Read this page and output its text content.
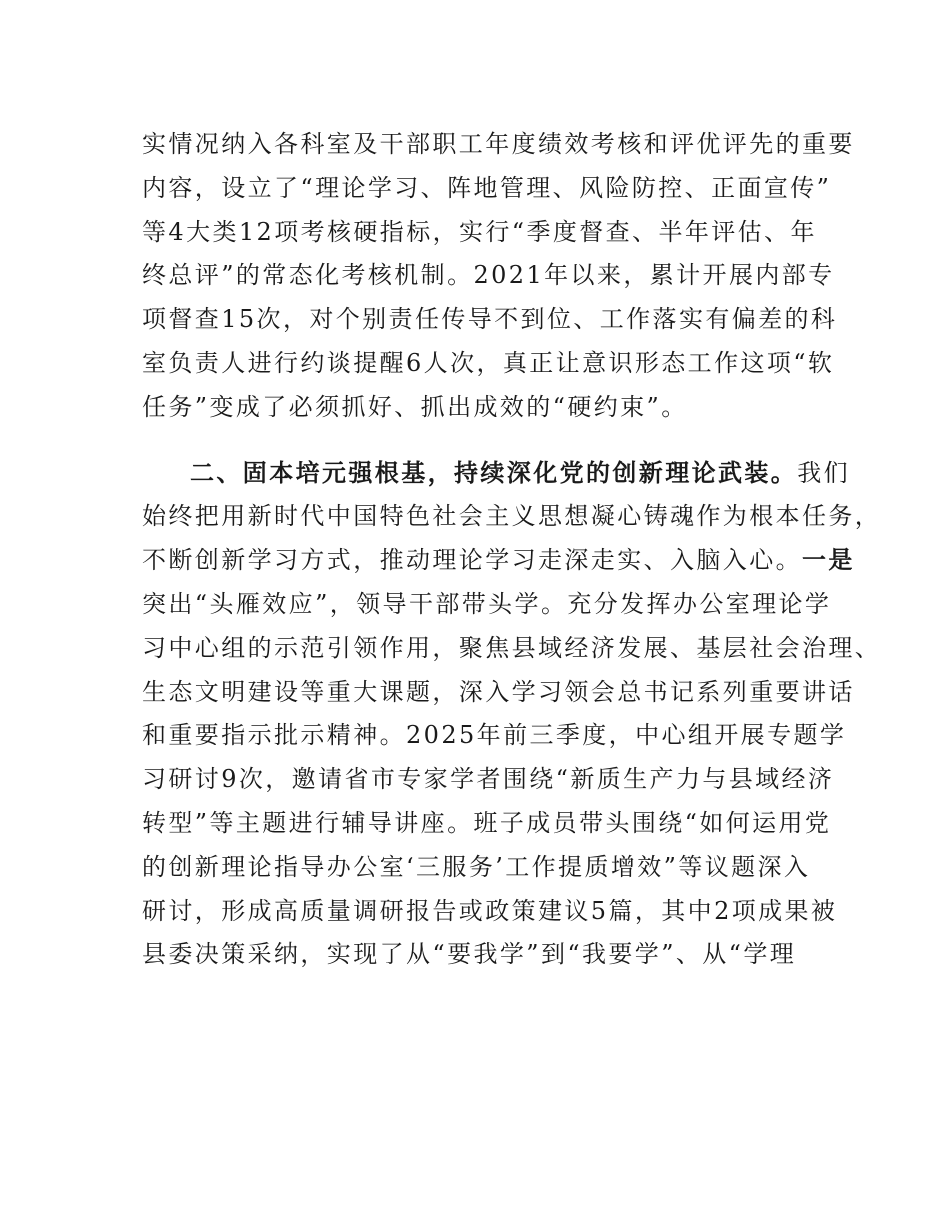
实情况纳入各科室及干部职工年度绩效考核和评优评先的重要
内容，设立了“理论学习、阵地管理、风险防控、正面宣传”
等4大类12项考核硬指标，实行“季度督查、半年评估、年
终总评”的常态化考核机制。2021年以来，累计开展内部专
项督查15次，对个别责任传导不到位、工作落实有偏差的科
室负责人进行约谈提醒6人次，真正让意识形态工作这项“软
任务”变成了必须抓好、抓出成效的“硬约束”。
二、固本培元强根基，持续深化党的创新理论武装。我们
始终把用新时代中国特色社会主义思想凝心铸魂作为根本任务，
不断创新学习方式，推动理论学习走深走实、入脑入心。一是
突出“头雁效应”，领导干部带头学。充分发挥办公室理论学
习中心组的示范引领作用，聚焦县域经济发展、基层社会治理、
生态文明建设等重大课题，深入学习领会总书记系列重要讲话
和重要指示批示精神。2025年前三季度，中心组开展专题学
习研讨9次，邀请省市专家学者围绕“新质生产力与县域经济
转型”等主题进行辅导讲座。班子成员带头围绕“如何运用党
的创新理论指导办公室‘三服务’工作提质增效”等议题深入
研讨，形成高质量调研报告或政策建议5篇，其中2项成果被
县委决策采纳，实现了从“要我学”到“我要学”、从“学理
